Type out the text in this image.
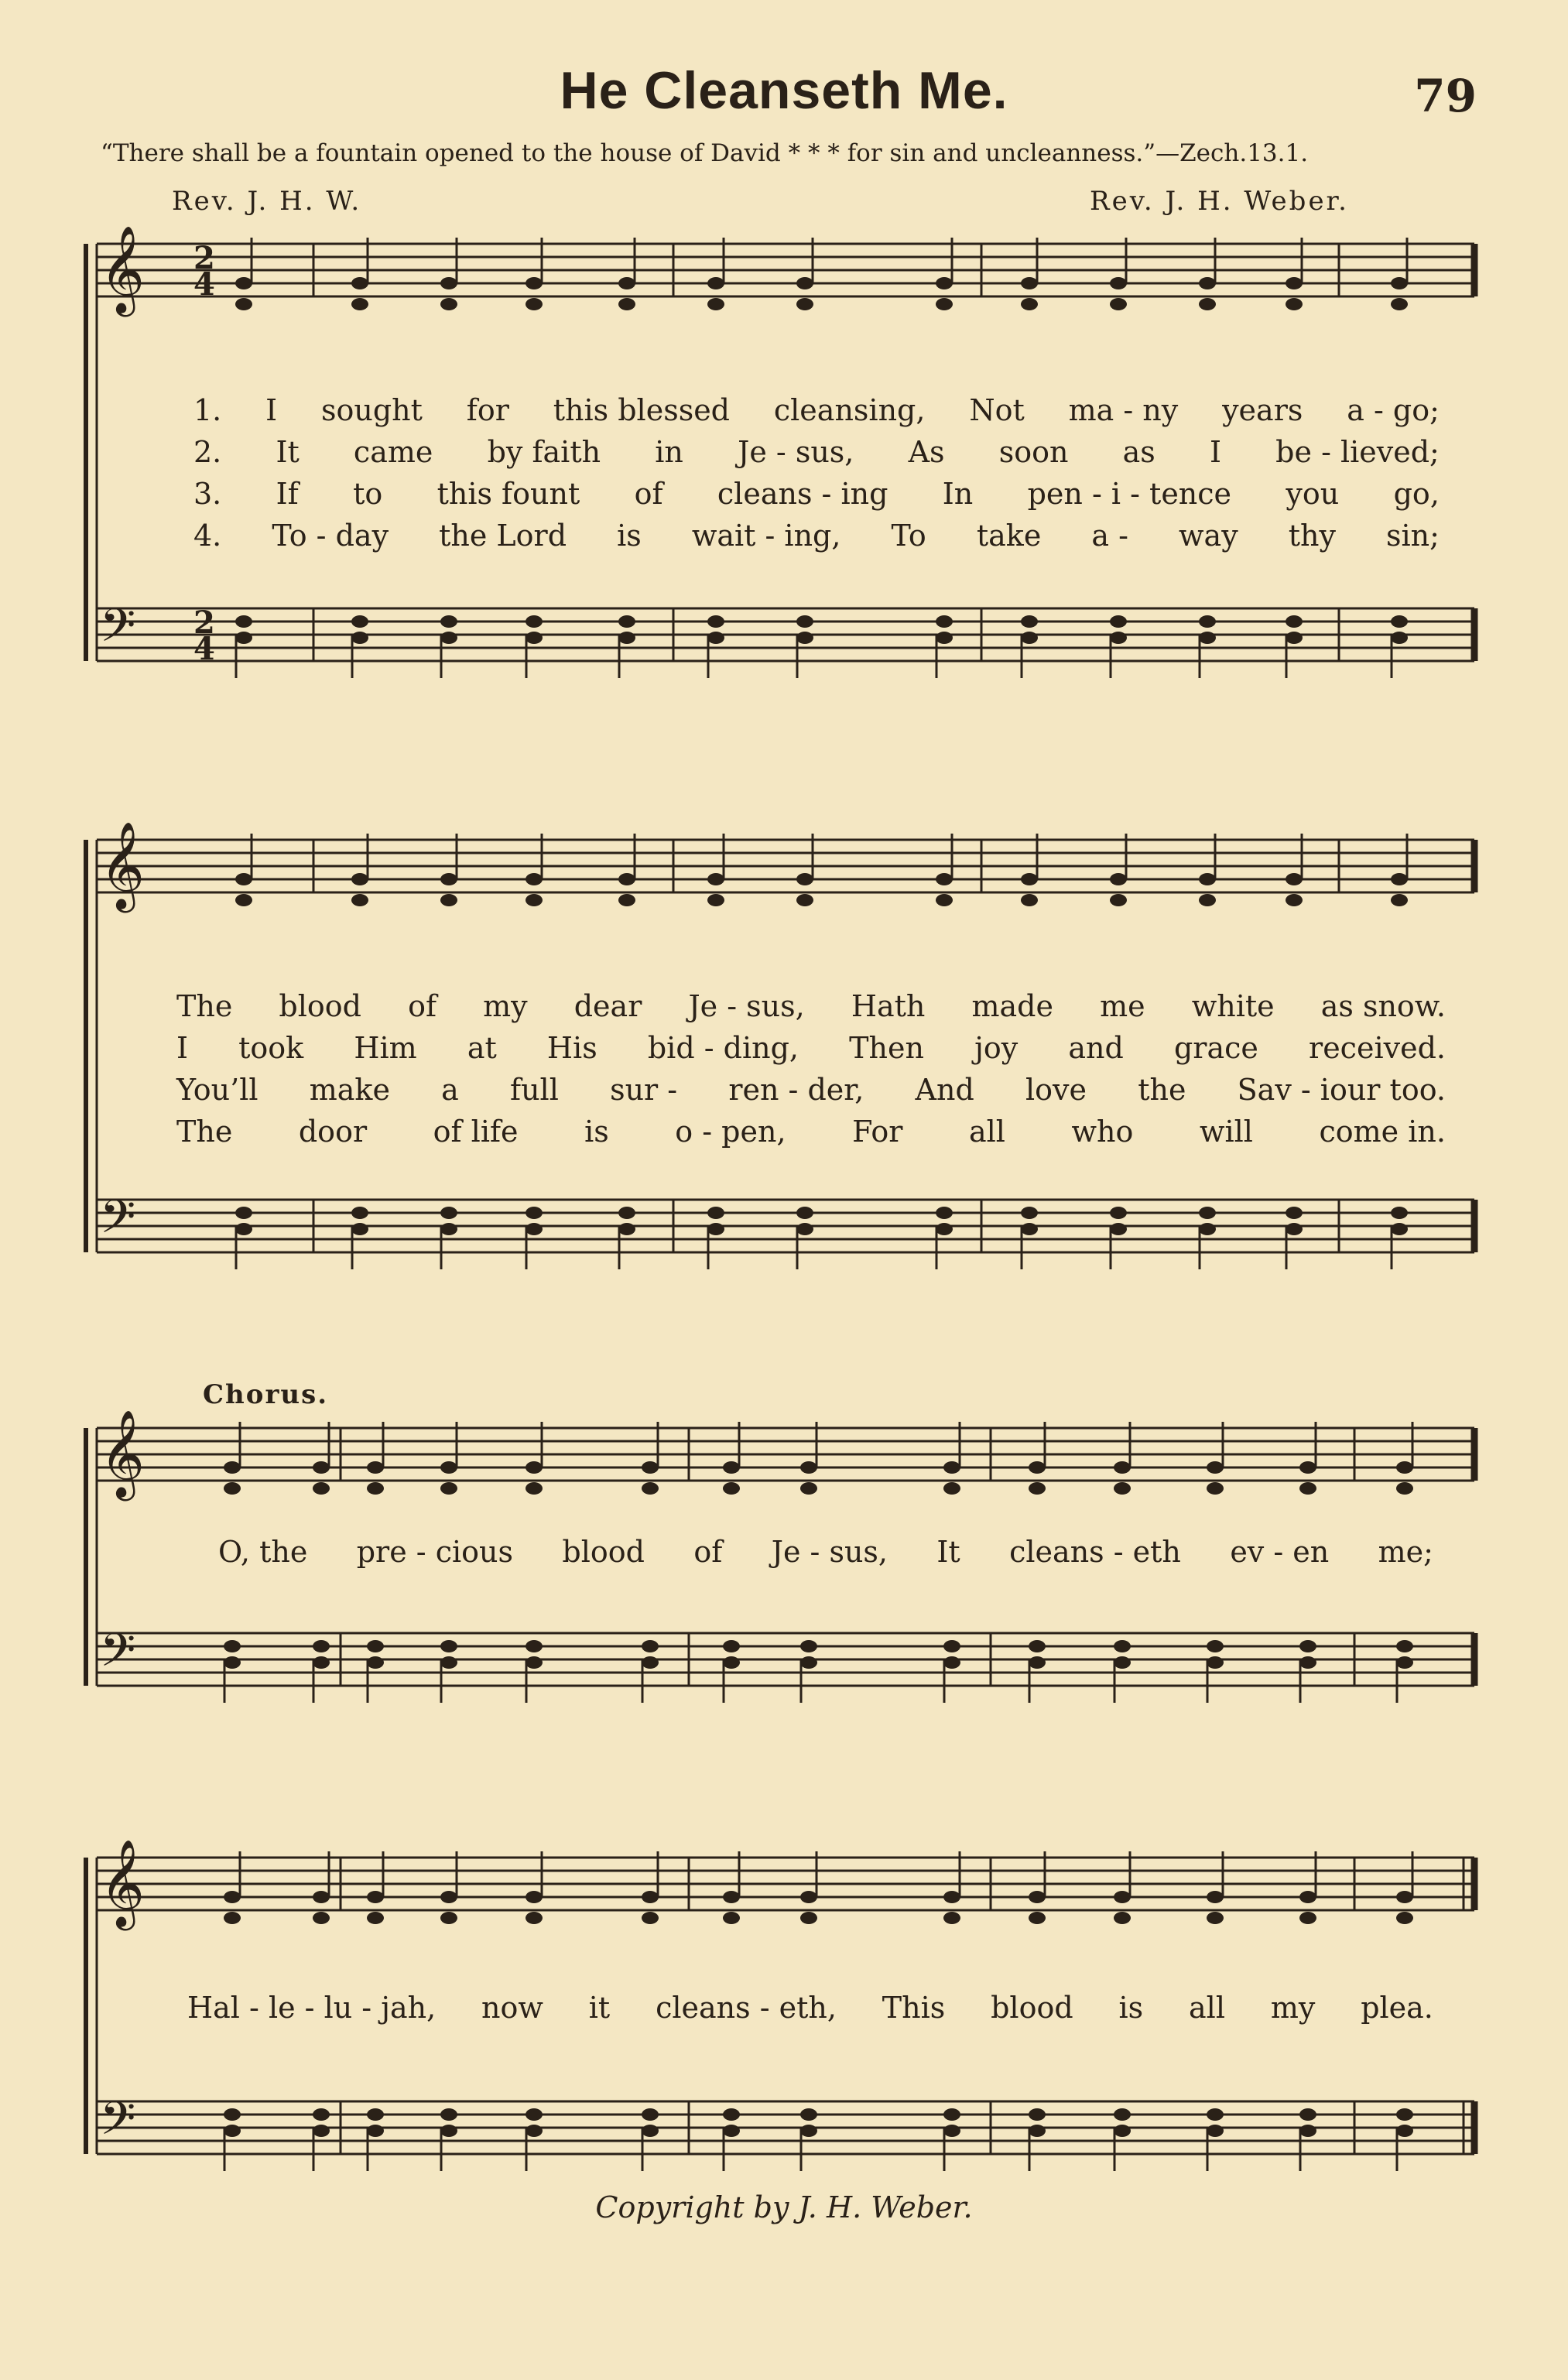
He Cleanseth Me.	79
“There shall be a fountain opened to the house of David * * * for sin and uncleanness.”—Zech.13.1.
Rev. J. H. W.	Rev. J. H. Weber.
𝄞
𝄢
𝄞
𝄢
𝄞
𝄢
𝄞
𝄢
2
4
2
4
1. I sought for this blessed cleansing, Not ma - ny years a - go;
2. It came by faith in Je - sus, As soon as I be - lieved;
3. If to this fount of cleans - ing In pen - i - tence you go,
4. To - day the Lord is wait - ing, To take a - way thy sin;
The blood of my dear Je - sus, Hath made me white as snow.
I took Him at His bid - ding, Then joy and grace received.
You’ll make a full sur - ren - der, And love the Sav - iour too.
The door of life is o - pen, For all who will come in.
Chorus.
O, the pre - cious blood of Je - sus, It cleans - eth ev - en me;
Hal - le - lu - jah, now it cleans - eth, This blood is all my plea.
Copyright by J. H. Weber.
